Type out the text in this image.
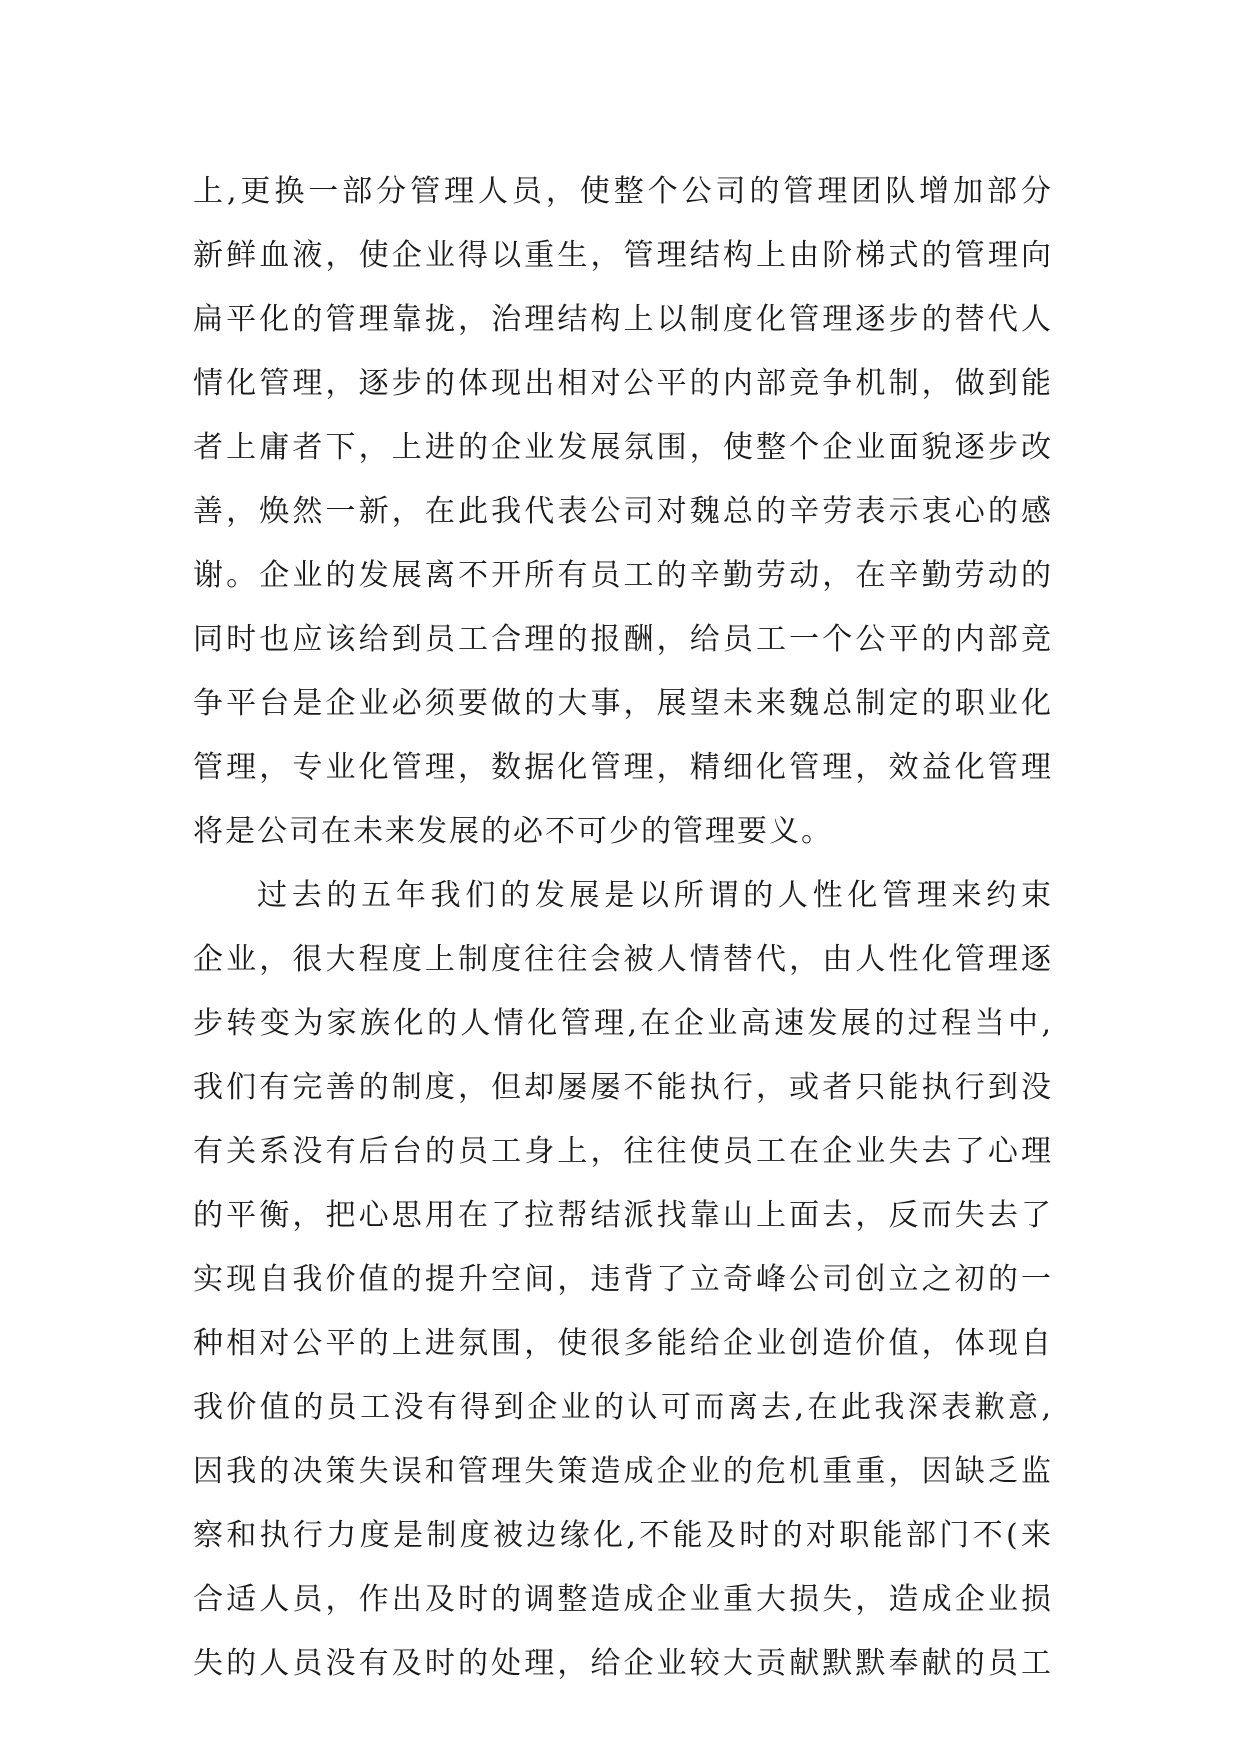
上,更换一部分管理人员，使整个公司的管理团队增加部分
新鲜血液，使企业得以重生，管理结构上由阶梯式的管理向
扁平化的管理靠拢，治理结构上以制度化管理逐步的替代人
情化管理，逐步的体现出相对公平的内部竞争机制，做到能
者上庸者下，上进的企业发展氛围，使整个企业面貌逐步改
善，焕然一新，在此我代表公司对魏总的辛劳表示衷心的感
谢。企业的发展离不开所有员工的辛勤劳动，在辛勤劳动的
同时也应该给到员工合理的报酬，给员工一个公平的内部竞
争平台是企业必须要做的大事，展望未来魏总制定的职业化
管理，专业化管理，数据化管理，精细化管理，效益化管理
将是公司在未来发展的必不可少的管理要义。
过去的五年我们的发展是以所谓的人性化管理来约束
企业，很大程度上制度往往会被人情替代，由人性化管理逐
步转变为家族化的人情化管理,在企业高速发展的过程当中,
我们有完善的制度，但却屡屡不能执行，或者只能执行到没
有关系没有后台的员工身上，往往使员工在企业失去了心理
的平衡，把心思用在了拉帮结派找靠山上面去，反而失去了
实现自我价值的提升空间，违背了立奇峰公司创立之初的一
种相对公平的上进氛围，使很多能给企业创造价值，体现自
我价值的员工没有得到企业的认可而离去,在此我深表歉意,
因我的决策失误和管理失策造成企业的危机重重，因缺乏监
察和执行力度是制度被边缘化,不能及时的对职能部门不(来
合适人员，作出及时的调整造成企业重大损失，造成企业损
失的人员没有及时的处理，给企业较大贡献默默奉献的员工
